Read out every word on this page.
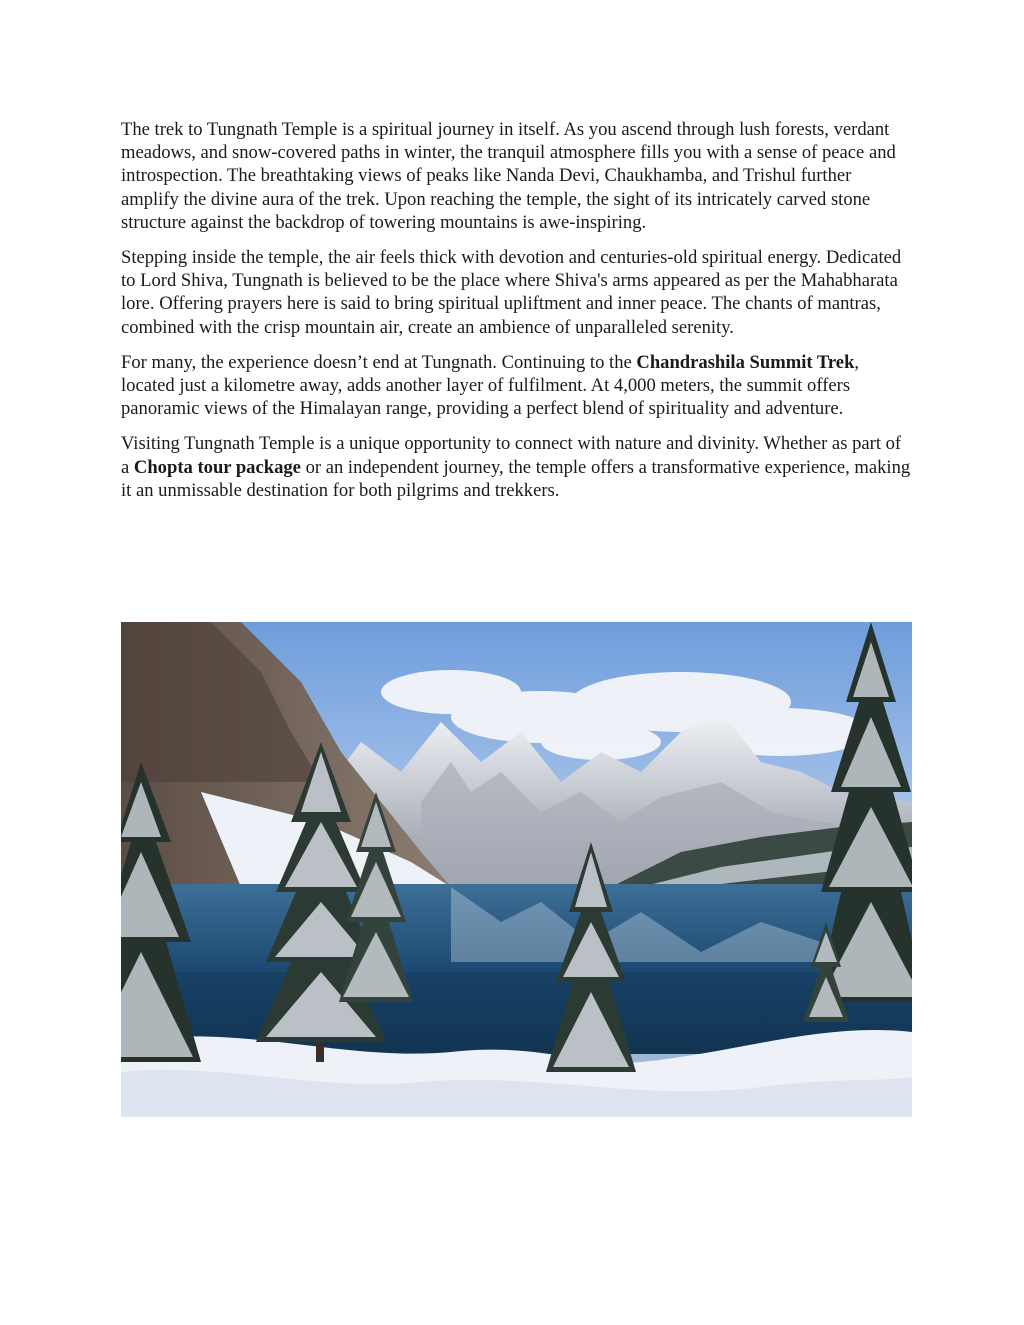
The trek to Tungnath Temple is a spiritual journey in itself. As you ascend through lush forests, verdant meadows, and snow-covered paths in winter, the tranquil atmosphere fills you with a sense of peace and introspection. The breathtaking views of peaks like Nanda Devi, Chaukhamba, and Trishul further amplify the divine aura of the trek. Upon reaching the temple, the sight of its intricately carved stone structure against the backdrop of towering mountains is awe-inspiring.

Stepping inside the temple, the air feels thick with devotion and centuries-old spiritual energy. Dedicated to Lord Shiva, Tungnath is believed to be the place where Shiva's arms appeared as per the Mahabharata lore. Offering prayers here is said to bring spiritual upliftment and inner peace. The chants of mantras, combined with the crisp mountain air, create an ambience of unparalleled serenity.

For many, the experience doesn’t end at Tungnath. Continuing to the Chandrashila Summit Trek, located just a kilometre away, adds another layer of fulfilment. At 4,000 meters, the summit offers panoramic views of the Himalayan range, providing a perfect blend of spirituality and adventure.

Visiting Tungnath Temple is a unique opportunity to connect with nature and divinity. Whether as part of a Chopta tour package or an independent journey, the temple offers a transformative experience, making it an unmissable destination for both pilgrims and trekkers.
